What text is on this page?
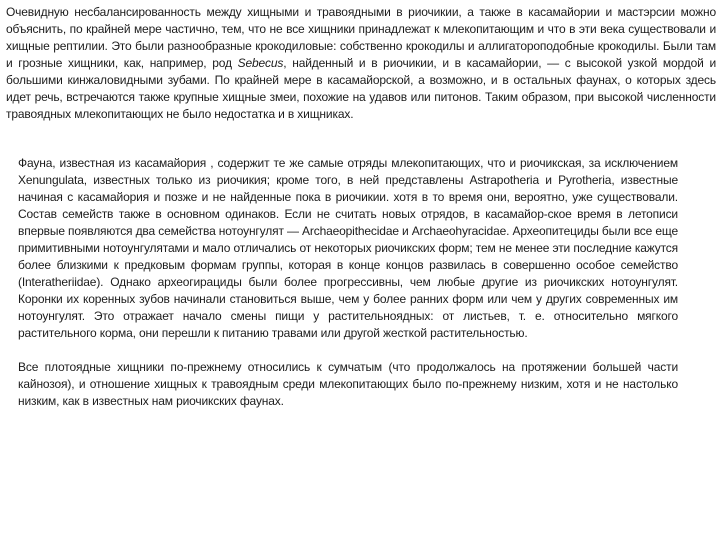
Очевидную несбалансированность между хищными и травоядными в риочикии, а также в касамайории и мастэрсии можно объяснить, по крайней мере частично, тем, что не все хищники принадлежат к млекопитающим и что в эти века существовали и хищные рептилии. Это были разнообразные крокодиловые: собственно крокодилы и аллигатороподобные крокодилы. Были там и грозные хищники, как, например, род Sebecus, найденный и в риочикии, и в касамайории, — с высокой узкой мордой и большими кинжаловидными зубами. По крайней мере в касамайорской, а возможно, и в остальных фаунах, о которых здесь идет речь, встречаются также крупные хищные змеи, похожие на удавов или питонов. Таким образом, при высокой численности травоядных млекопитающих не было недостатка и в хищниках.

Фауна, известная из касамайория , содержит те же самые отряды млекопитающих, что и риочикская, за исключением Xenungulata, известных только из риочикия; кроме того, в ней представлены Astrapotheria и Pyrotheria, известные начиная с касамайория и позже и не найденные пока в риочикии. хотя в то время они, вероятно, уже существовали. Состав семейств также в основном одинаков. Если не считать новых отрядов, в касамайор-ское время в летописи впервые появляются два семейства нотоунгулят — Archaeopithecidae и Archaeohyracidae. Археопитециды были все еще примитивными нотоунгулятами и мало отличались от некоторых риочикских форм; тем не менее эти последние кажутся более близкими к предковым формам группы, которая в конце концов развилась в совершенно особое семейство (Interatheriidae). Однако археогирациды были более прогрессивны, чем любые другие из риочикских нотоунгулят. Коронки их коренных зубов начинали становиться выше, чем у более ранних форм или чем у других современных им нотоунгулят. Это отражает начало смены пищи у растительноядных: от листьев, т. е. относительно мягкого растительного корма, они перешли к питанию травами или другой жесткой растительностью.

Все плотоядные хищники по-прежнему относились к сумчатым (что продолжалось на протяжении большей части кайнозоя), и отношение хищных к травоядным среди млекопитающих было по-прежнему низким, хотя и не настолько низким, как в известных нам риочикских фаунах.
